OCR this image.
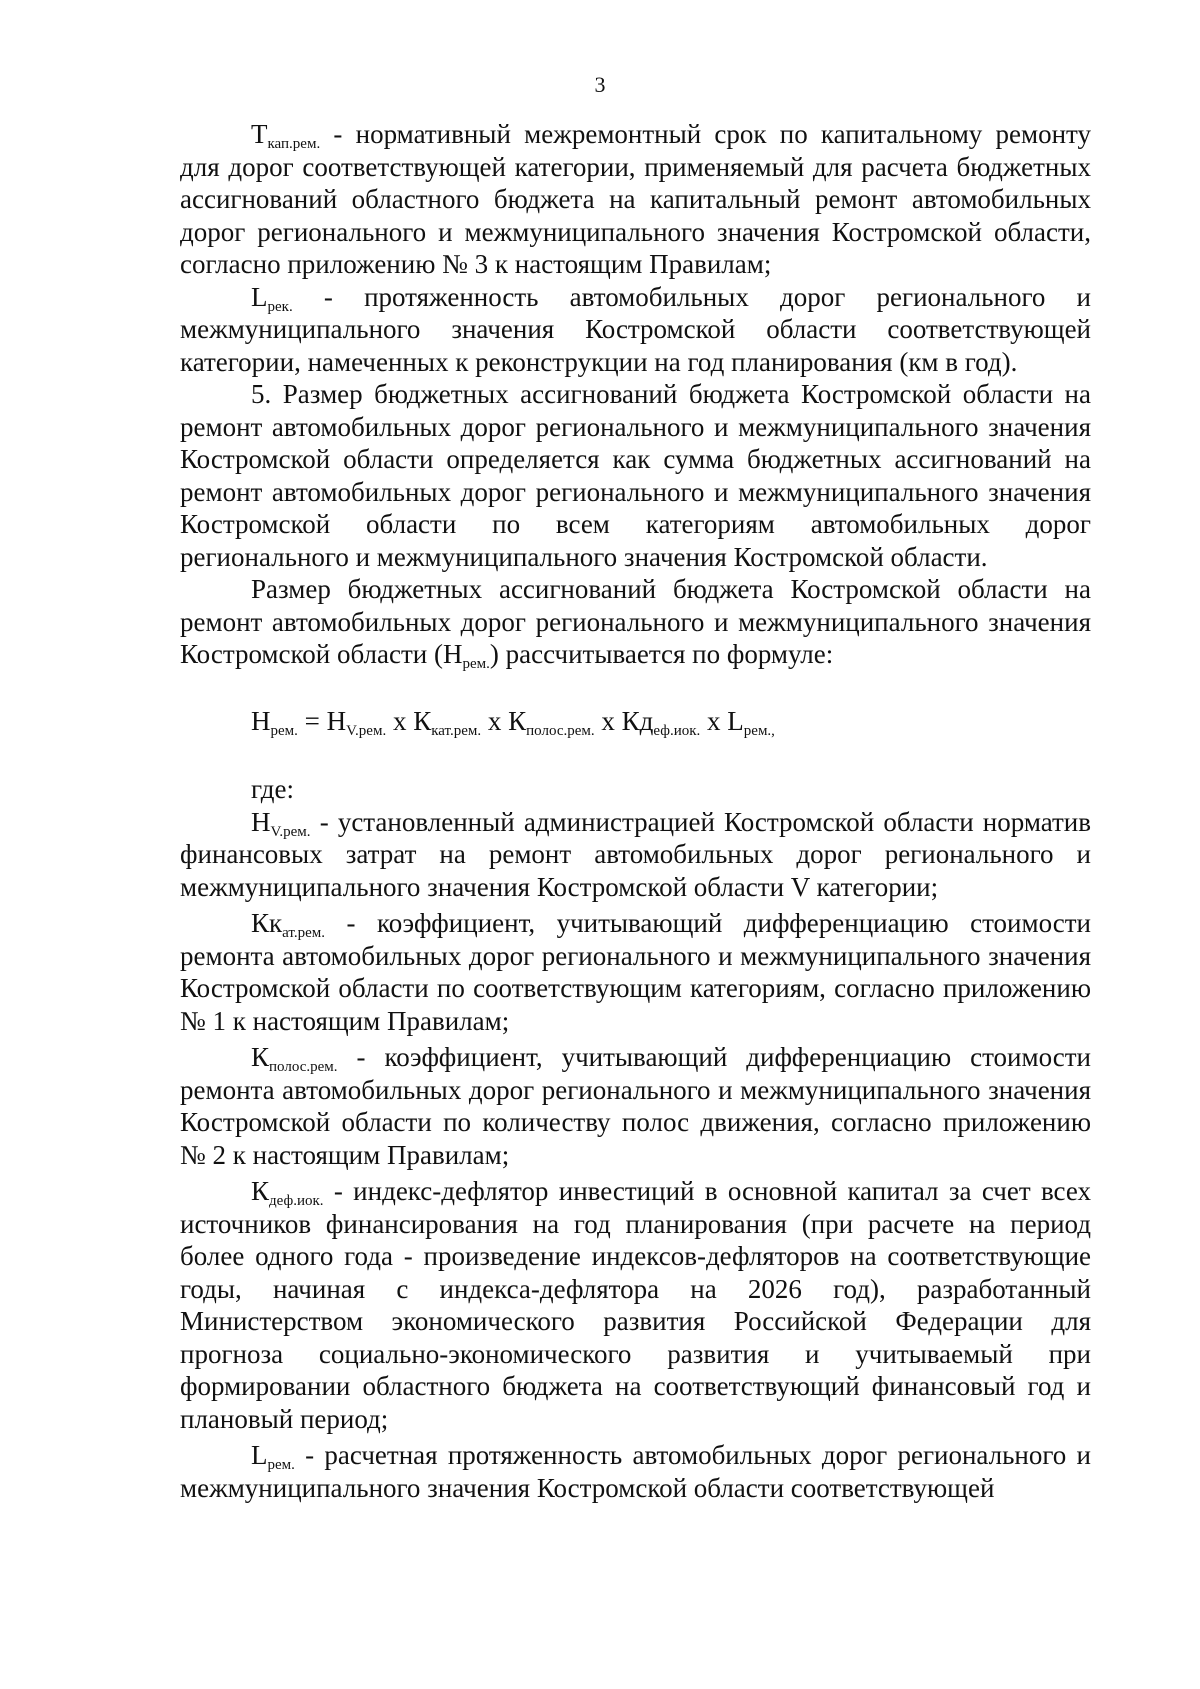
3

$Т_{кап.рем.}$ - нормативный межремонтный срок по капитальному ремонту для дорог соответствующей категории, применяемый для расчета бюджетных ассигнований областного бюджета на капитальный ремонт автомобильных дорог регионального и межмуниципального значения Костромской области, согласно приложению № 3 к настоящим Правилам;

$L_{рек.}$ - протяженность автомобильных дорог регионального и межмуниципального значения Костромской области соответствующей категории, намеченных к реконструкции на год планирования (км в год).

5. Размер бюджетных ассигнований бюджета Костромской области на ремонт автомобильных дорог регионального и межмуниципального значения Костромской области определяется как сумма бюджетных ассигнований на ремонт автомобильных дорог регионального и межмуниципального значения Костромской области по всем категориям автомобильных дорог регионального и межмуниципального значения Костромской области.

Размер бюджетных ассигнований бюджета Костромской области на ремонт автомобильных дорог регионального и межмуниципального значения Костромской области $(Н_{рем.})$ рассчитывается по формуле:

$Н_{рем.} = Н_{V.рем.}$ x $К_{кат.рем.}$ x $К_{полос.рем.}$ x $Кд_{еф.иок.}$ x $L_{рем.,}$

где:

$Н_{V.рем.}$ - установленный администрацией Костромской области норматив финансовых затрат на ремонт автомобильных дорог регионального и межмуниципального значения Костромской области V категории;

$Кк_{ат.рем.}$ - коэффициент, учитывающий дифференциацию стоимости ремонта автомобильных дорог регионального и межмуниципального значения Костромской области по соответствующим категориям, согласно приложению № 1 к настоящим Правилам;

$К_{полос.рем.}$ - коэффициент, учитывающий дифференциацию стоимости ремонта автомобильных дорог регионального и межмуниципального значения Костромской области по количеству полос движения, согласно приложению № 2 к настоящим Правилам;

$К_{деф.иок.}$ - индекс-дефлятор инвестиций в основной капитал за счет всех источников финансирования на год планирования (при расчете на период более одного года - произведение индексов-дефляторов на соответствующие годы, начиная с индекса-дефлятора на 2026 год), разработанный Министерством экономического развития Российской Федерации для прогноза социально-экономического развития и учитываемый при формировании областного бюджета на соответствующий финансовый год и плановый период;

$L_{рем.}$ - расчетная протяженность автомобильных дорог регионального и межмуниципального значения Костромской области соответствующей
